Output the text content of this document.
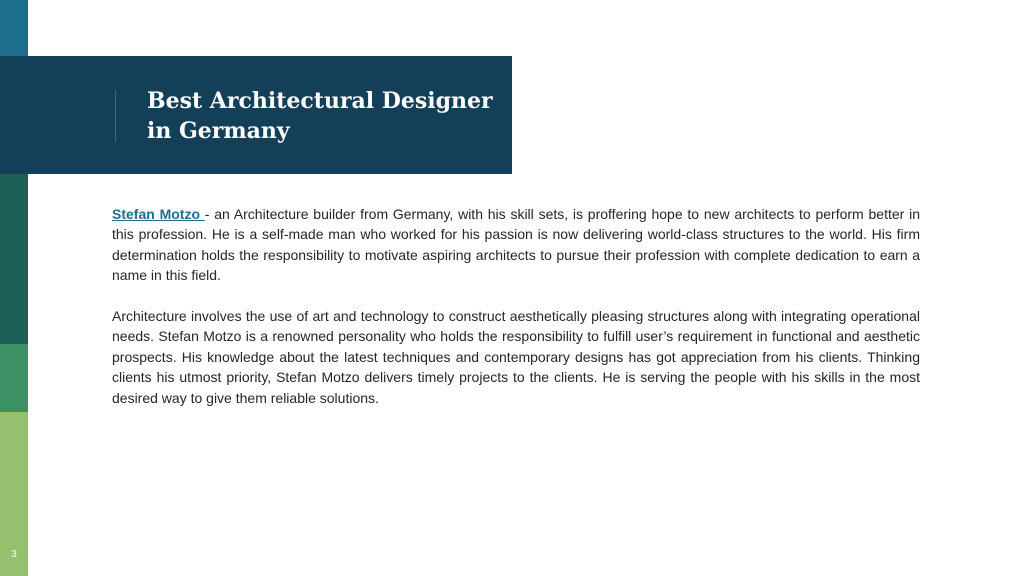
3
Best Architectural Designer
in Germany

Stefan Motzo - an Architecture builder from Germany, with his skill sets, is proffering hope to new architects to perform better in this profession. He is a self-made man who worked for his passion is now delivering world-class structures to the world. His firm determination holds the responsibility to motivate aspiring architects to pursue their profession with complete dedication to earn a name in this field.

Architecture involves the use of art and technology to construct aesthetically pleasing structures along with integrating operational needs. Stefan Motzo is a renowned personality who holds the responsibility to fulfill user’s requirement in functional and aesthetic prospects. His knowledge about the latest techniques and contemporary designs has got appreciation from his clients. Thinking clients his utmost priority, Stefan Motzo delivers timely projects to the clients. He is serving the people with his skills in the most desired way to give them reliable solutions.
